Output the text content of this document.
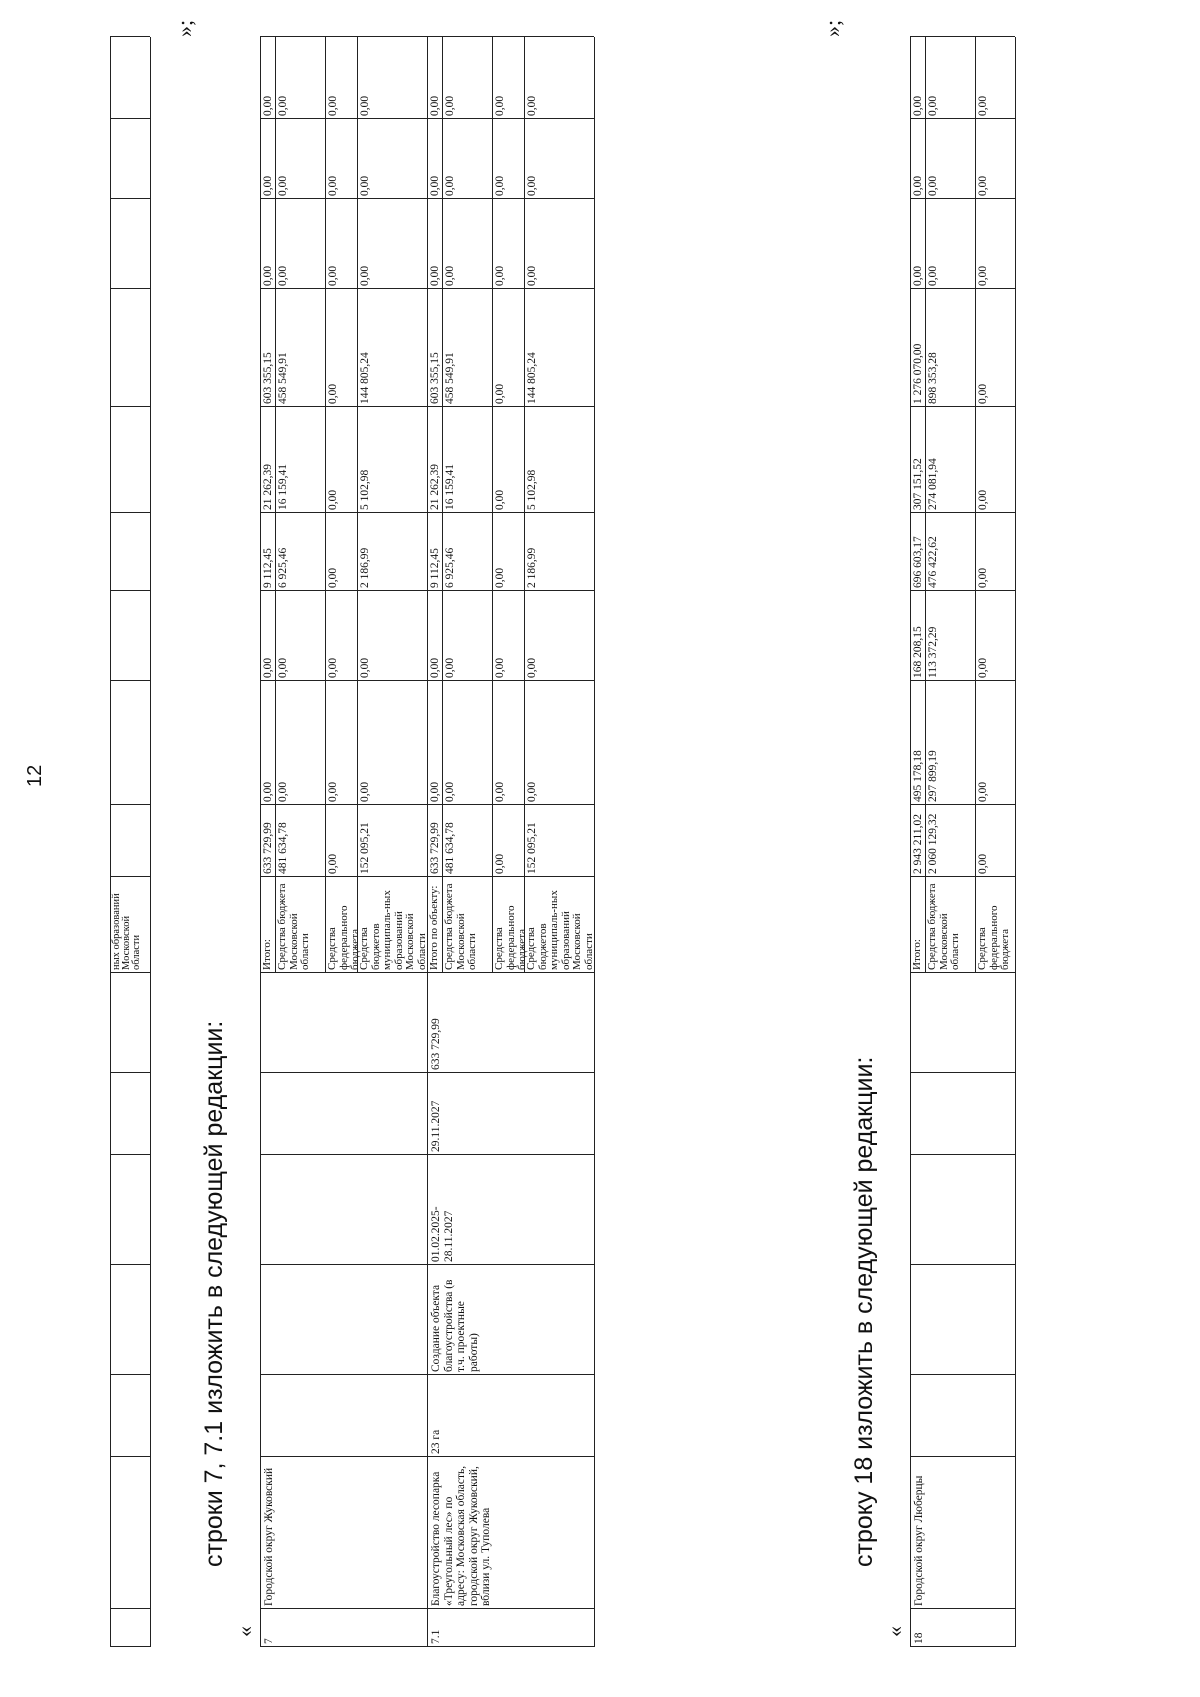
12
ных образований Московской области
строки 7, 7.1 изложить в следующей редакции:
«
»;
7
Городской округ Жуковский
Итого:
633 729,99
0,00
0,00
9 112,45
21 262,39
603 355,15
0,00
0,00
0,00
Средства бюджета Московской области
481 634,78
0,00
0,00
6 925,46
16 159,41
458 549,91
0,00
0,00
0,00
Средства федерального бюджета
0,00
0,00
0,00
0,00
0,00
0,00
0,00
0,00
0,00
Средства бюджетов муниципаль-ных образований Московской области
152 095,21
0,00
0,00
2 186,99
5 102,98
144 805,24
0,00
0,00
0,00
7.1
Благоустройство лесопарка «Треугольный лес» по адресу: Московская область, городской округ Жуковский, вблизи ул. Туполева
23 га
Создание объекта благоустройства (в т.ч. проектные работы)
01.02.2025-28.11.2027
29.11.2027
633 729,99
Итого по объекту:
633 729,99
0,00
0,00
9 112,45
21 262,39
603 355,15
0,00
0,00
0,00
Средства бюджета Московской области
481 634,78
0,00
0,00
6 925,46
16 159,41
458 549,91
0,00
0,00
0,00
Средства федерального бюджета
0,00
0,00
0,00
0,00
0,00
0,00
0,00
0,00
0,00
Средства бюджетов муниципаль-ных образований Московской области
152 095,21
0,00
0,00
2 186,99
5 102,98
144 805,24
0,00
0,00
0,00
»;
строку 18 изложить в следующей редакции:
«
18
Городской округ Люберцы
Итого:
2 943 211,02
495 178,18
168 208,15
696 603,17
307 151,52
1 276 070,00
0,00
0,00
0,00
Средства бюджета Московской области
2 060 129,32
297 899,19
113 372,29
476 422,62
274 081,94
898 353,28
0,00
0,00
0,00
Средства федерального бюджета
0,00
0,00
0,00
0,00
0,00
0,00
0,00
0,00
0,00
